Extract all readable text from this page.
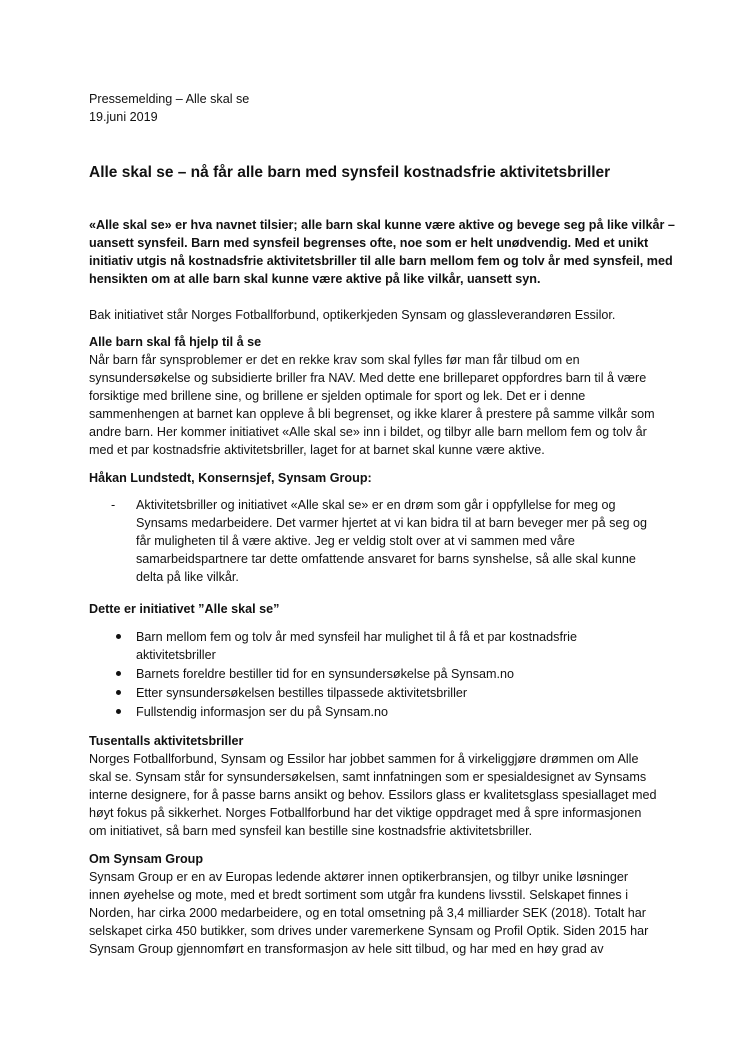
Pressemelding – Alle skal se

19.juni 2019

Alle skal se – nå får alle barn med synsfeil kostnadsfrie aktivitetsbriller
«Alle skal se» er hva navnet tilsier; alle barn skal kunne være aktive og bevege seg på like vilkår –
uansett synsfeil. Barn med synsfeil begrenses ofte, noe som er helt unødvendig. Med et unikt
initiativ utgis nå kostnadsfrie aktivitetsbriller til alle barn mellom fem og tolv år med synsfeil, med
hensikten om at alle barn skal kunne være aktive på like vilkår, uansett syn.

Bak initiativet står Norges Fotballforbund, optikerkjeden Synsam og glassleverandøren Essilor.

Alle barn skal få hjelp til å se
Når barn får synsproblemer er det en rekke krav som skal fylles før man får tilbud om en
synsundersøkelse og subsidierte briller fra NAV. Med dette ene brilleparet oppfordres barn til å være
forsiktige med brillene sine, og brillene er sjelden optimale for sport og lek. Det er i denne
sammenhengen at barnet kan oppleve å bli begrenset, og ikke klarer å prestere på samme vilkår som
andre barn. Her kommer initiativet «Alle skal se» inn i bildet, og tilbyr alle barn mellom fem og tolv år
med et par kostnadsfrie aktivitetsbriller, laget for at barnet skal kunne være aktive.

Håkan Lundstedt, Konsernsjef, Synsam Group:

- Aktivitetsbriller og initiativet «Alle skal se» er en drøm som går i oppfyllelse for meg og
Synsams medarbeidere. Det varmer hjertet at vi kan bidra til at barn beveger mer på seg og
får muligheten til å være aktive. Jeg er veldig stolt over at vi sammen med våre
samarbeidspartnere tar dette omfattende ansvaret for barns synshelse, så alle skal kunne
delta på like vilkår.

Dette er initiativet ”Alle skal se”

Barn mellom fem og tolv år med synsfeil har mulighet til å få et par kostnadsfrie
aktivitetsbriller
Barnets foreldre bestiller tid for en synsundersøkelse på Synsam.no
Etter synsundersøkelsen bestilles tilpassede aktivitetsbriller
Fullstendig informasjon ser du på Synsam.no
Tusentalls aktivitetsbriller
Norges Fotballforbund, Synsam og Essilor har jobbet sammen for å virkeliggjøre drømmen om Alle
skal se. Synsam står for synsundersøkelsen, samt innfatningen som er spesialdesignet av Synsams
interne designere, for å passe barns ansikt og behov. Essilors glass er kvalitetsglass spesiallaget med
høyt fokus på sikkerhet. Norges Fotballforbund har det viktige oppdraget med å spre informasjonen
om initiativet, så barn med synsfeil kan bestille sine kostnadsfrie aktivitetsbriller.
Om Synsam Group
Synsam Group er en av Europas ledende aktører innen optikerbransjen, og tilbyr unike løsninger
innen øyehelse og mote, med et bredt sortiment som utgår fra kundens livsstil. Selskapet finnes i
Norden, har cirka 2000 medarbeidere, og en total omsetning på 3,4 milliarder SEK (2018). Totalt har
selskapet cirka 450 butikker, som drives under varemerkene Synsam og Profil Optik. Siden 2015 har
Synsam Group gjennomført en transformasjon av hele sitt tilbud, og har med en høy grad av
